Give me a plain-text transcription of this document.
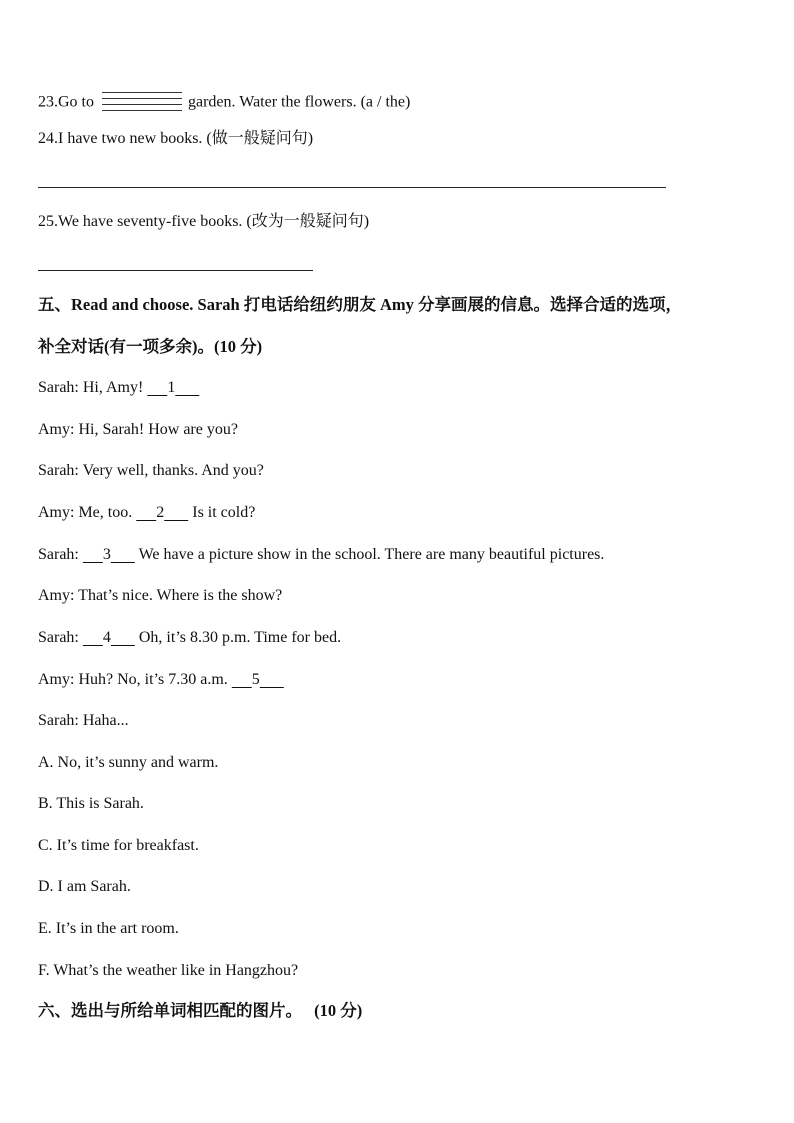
23.Go to	garden. Water the flowers. (a / the)
24.I have two new books. (做一般疑问句)
25.We have seventy-five books. (改为一般疑问句)
五、Read and choose. Sarah 打电话给纽约朋友 Amy 分享画展的信息。选择合适的选项，
补全对话(有一项多余)。(10 分)
Sarah: Hi, Amy! 1
Amy: Hi, Sarah! How are you?
Sarah: Very well, thanks. And you?
Amy: Me, too. 2 Is it cold?
Sarah: 3 We have a picture show in the school. There are many beautiful pictures.
Amy: That’s nice. Where is the show?
Sarah: 4 Oh, it’s 8.30 p.m. Time for bed.
Amy: Huh? No, it’s 7.30 a.m. 5
Sarah: Haha...
A. No, it’s sunny and warm.
B. This is Sarah.
C. It’s time for breakfast.
D. I am Sarah.
E. It’s in the art room.
F. What’s the weather like in Hangzhou?
六、选出与所给单词相匹配的图片。 (10 分)
